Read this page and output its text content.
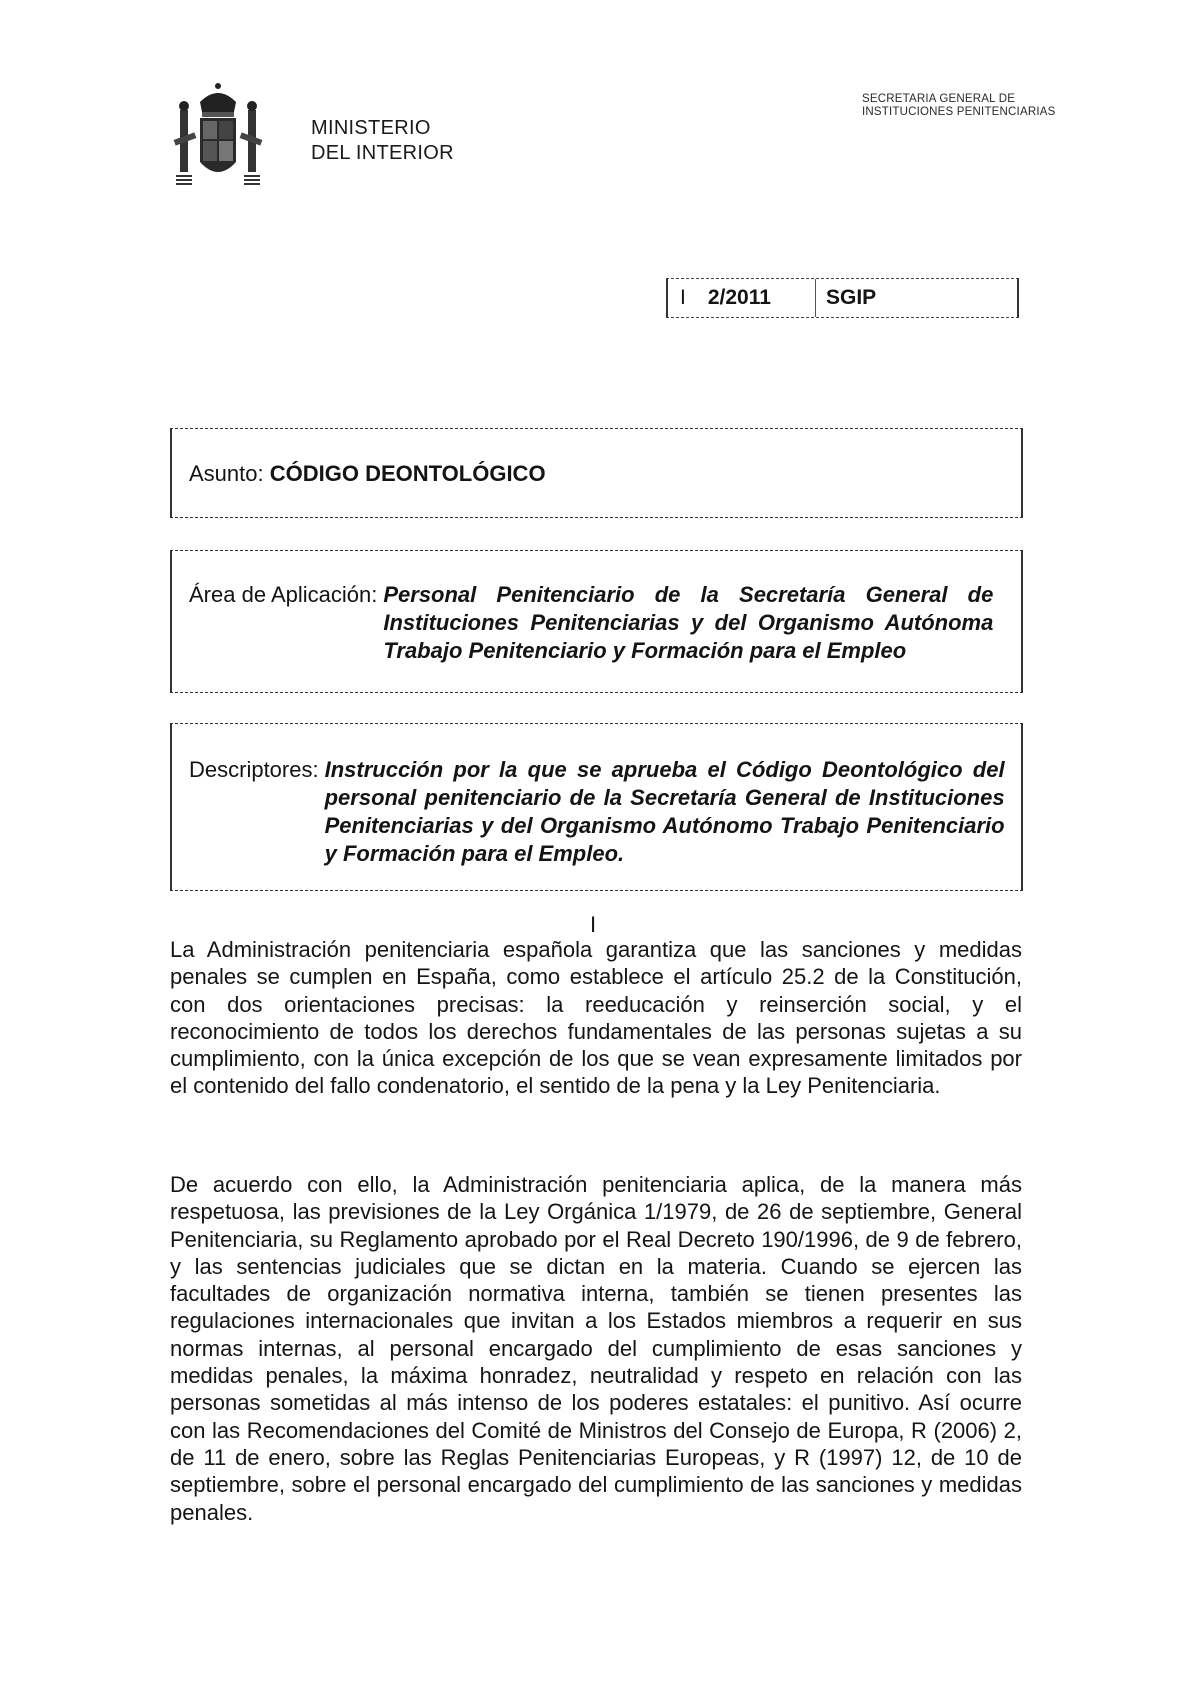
MINISTERIO
DEL INTERIOR
SECRETARIA GENERAL DE
INSTITUCIONES PENITENCIARIAS
I 2/2011	SGIP
Asunto: CÓDIGO DEONTOLÓGICO
Área de Aplicación: Personal Penitenciario de la Secretaría General de Instituciones Penitenciarias y del Organismo Autónoma Trabajo Penitenciario y Formación para el Empleo
Descriptores: Instrucción por la que se aprueba el Código Deontológico del personal penitenciario de la Secretaría General de Instituciones Penitenciarias y del Organismo Autónomo Trabajo Penitenciario y Formación para el Empleo.
I

La Administración penitenciaria española garantiza que las sanciones y medidas penales se cumplen en España, como establece el artículo 25.2 de la Constitución, con dos orientaciones precisas: la reeducación y reinserción social, y el reconocimiento de todos los derechos fundamentales de las personas sujetas a su cumplimiento, con la única excepción de los que se vean expresamente limitados por el contenido del fallo condenatorio, el sentido de la pena y la Ley Penitenciaria.

De acuerdo con ello, la Administración penitenciaria aplica, de la manera más respetuosa, las previsiones de la Ley Orgánica 1/1979, de 26 de septiembre, General Penitenciaria, su Reglamento aprobado por el Real Decreto 190/1996, de 9 de febrero, y las sentencias judiciales que se dictan en la materia. Cuando se ejercen las facultades de organización normativa interna, también se tienen presentes las regulaciones internacionales que invitan a los Estados miembros a requerir en sus normas internas, al personal encargado del cumplimiento de esas sanciones y medidas penales, la máxima honradez, neutralidad y respeto en relación con las personas sometidas al más intenso de los poderes estatales: el punitivo. Así ocurre con las Recomendaciones del Comité de Ministros del Consejo de Europa, R (2006) 2, de 11 de enero, sobre las Reglas Penitenciarias Europeas, y R (1997) 12, de 10 de septiembre, sobre el personal encargado del cumplimiento de las sanciones y medidas penales.
